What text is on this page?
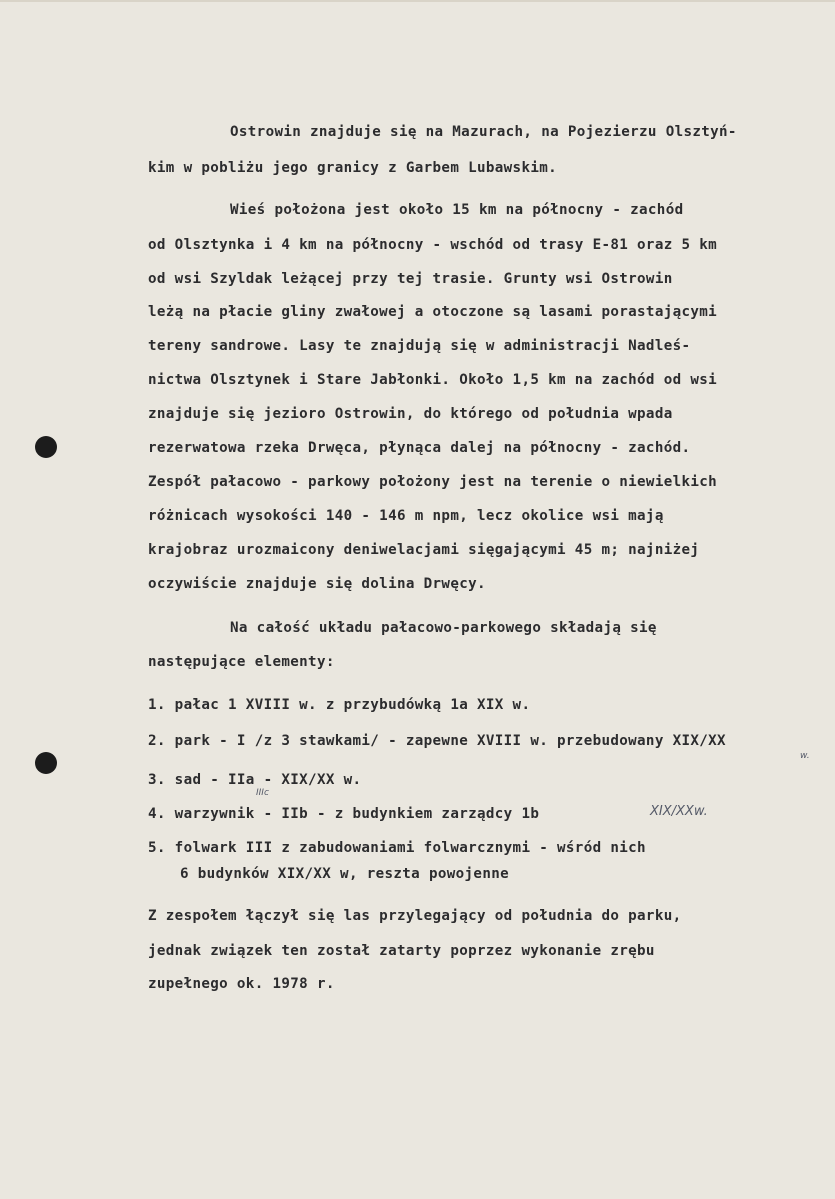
Ostrowin znajduje się na Mazurach, na Pojezierzu Olsztyń-
kim w pobliżu jego granicy z Garbem Lubawskim.
Wieś położona jest około 15 km na północny - zachód
od Olsztynka i 4 km na północny - wschód od trasy E-81 oraz 5 km
od wsi Szyldak leżącej przy tej trasie. Grunty wsi Ostrowin
leżą na płacie gliny zwałowej a otoczone są lasami porastającymi
tereny sandrowe. Lasy te znajdują się w administracji Nadleś-
nictwa Olsztynek i Stare Jabłonki. Około 1,5 km na zachód od wsi
znajduje się jezioro Ostrowin, do którego od południa wpada
rezerwatowa rzeka Drwęca, płynąca dalej na północny - zachód.
Zespół pałacowo - parkowy położony jest na terenie o niewielkich
różnicach wysokości 140 - 146 m npm, lecz okolice wsi mają
krajobraz urozmaicony deniwelacjami sięgającymi 45 m; najniżej
oczywiście znajduje się dolina Drwęcy.
Na całość układu pałacowo-parkowego składają się
następujące elementy:
1. pałac 1 XVIII w. z przybudówką 1a XIX w.
2. park - I /z 3 stawkami/ - zapewne XVIII w. przebudowany XIX/XX
w.
3. sad - IIa - XIX/XX w.
IIIc
4. warzywnik - IIb - z budynkiem zarządcy 1b	XIX/XXw.
5. folwark III z zabudowaniami folwarcznymi - wśród nich
6 budynków XIX/XX w, reszta powojenne
Z zespołem łączył się las przylegający od południa do parku,
jednak związek ten został zatarty poprzez wykonanie zrębu
zupełnego ok. 1978 r.
